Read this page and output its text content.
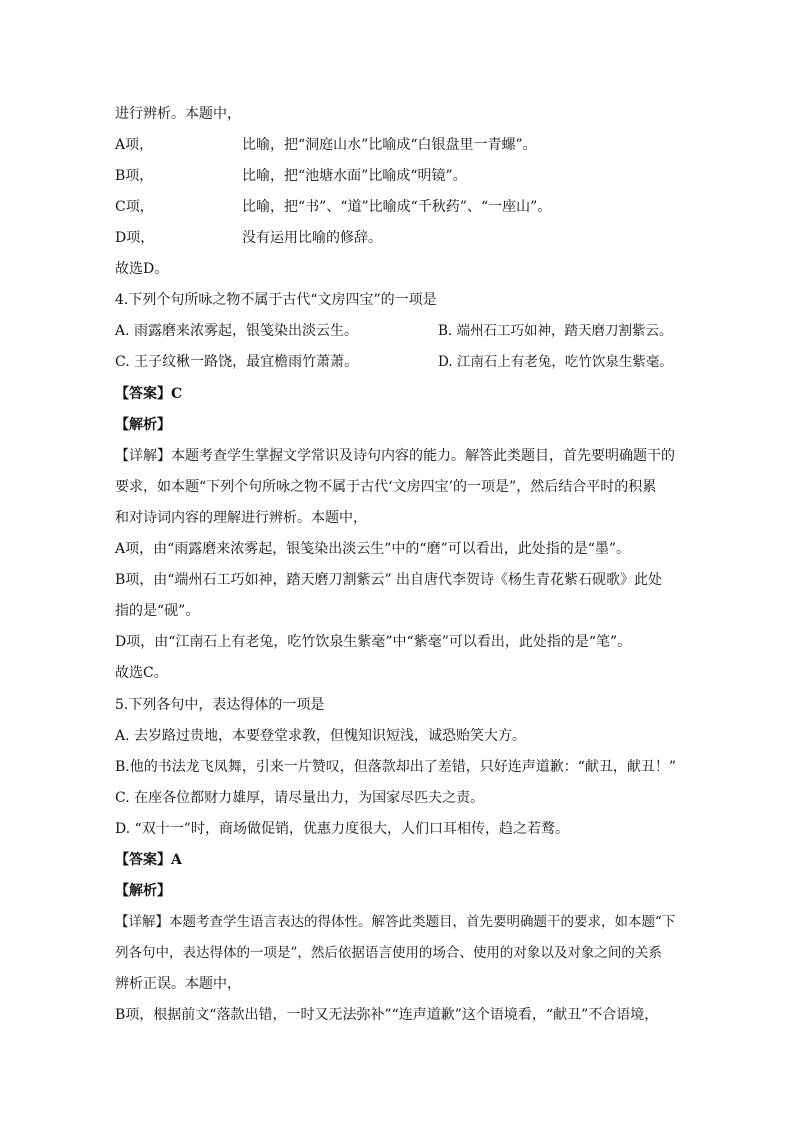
进行辨析。本题中，
A项，	比喻，把“洞庭山水”比喻成“白银盘里一青螺”。
B项，	比喻，把“池塘水面”比喻成“明镜”。
C项，	比喻，把“书”、“道”比喻成“千秋药”、“一座山”。
D项，	没有运用比喻的修辞。
故选D。
4.下列个句所咏之物不属于古代“文房四宝”的一项是
A. 雨露磨来浓雾起，银笺染出淡云生。	B. 端州石工巧如神，踏天磨刀割紫云。
C. 王子纹楸一路饶，最宜檐雨竹萧萧。	D. 江南石上有老兔，吃竹饮泉生紫毫。
【答案】C
【解析】
【详解】本题考查学生掌握文学常识及诗句内容的能力。解答此类题目，首先要明确题干的
要求，如本题“下列个句所咏之物不属于古代‘文房四宝’的一项是”，然后结合平时的积累
和对诗词内容的理解进行辨析。本题中，
A项，由“雨露磨来浓雾起，银笺染出淡云生”中的“磨”可以看出，此处指的是“墨”。
B项，由“端州石工巧如神，踏天磨刀割紫云” 出自唐代李贺诗《杨生青花紫石砚歌》此处
指的是“砚”。
D项，由“江南石上有老兔，吃竹饮泉生紫毫”中“紫毫”可以看出，此处指的是“笔”。
故选C。
5.下列各句中，表达得体的一项是
A. 去岁路过贵地，本要登堂求教，但愧知识短浅，诚恐贻笑大方。
B.他的书法龙飞凤舞，引来一片赞叹，但落款却出了差错，只好连声道歉：“献丑，献丑！”
C. 在座各位都财力雄厚，请尽量出力，为国家尽匹夫之责。
D. “双十一”时，商场做促销，优惠力度很大，人们口耳相传，趋之若鹜。
【答案】A
【解析】
【详解】本题考查学生语言表达的得体性。解答此类题目，首先要明确题干的要求，如本题“下
列各句中，表达得体的一项是”，然后依据语言使用的场合、使用的对象以及对象之间的关系
辨析正误。本题中，
B项，根据前文“落款出错，一时又无法弥补”“连声道歉”这个语境看，“献丑”不合语境，
